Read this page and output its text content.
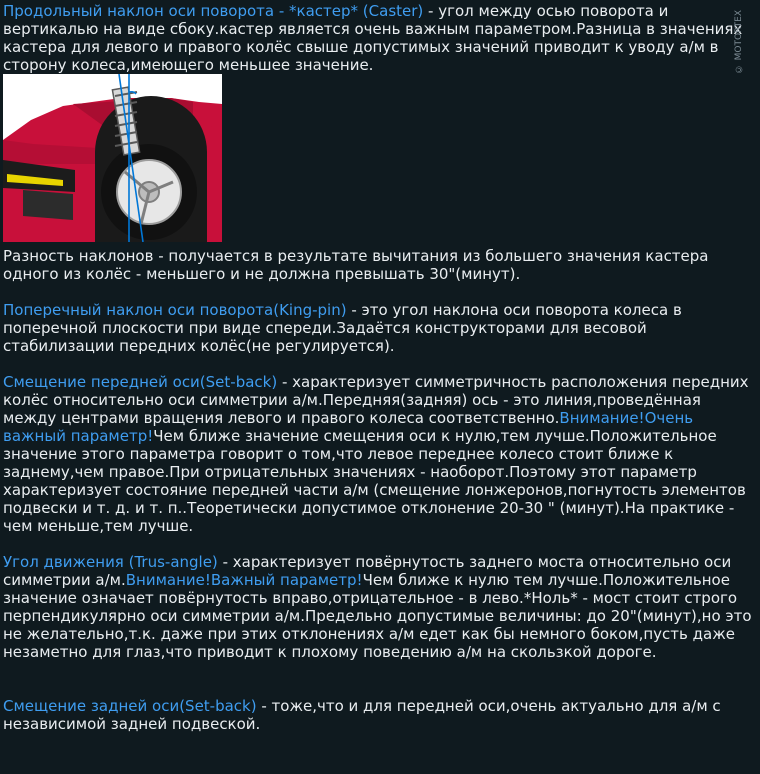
Продольный наклон оси поворота - *кастер* (Caster) - угол между осью поворота и вертикалью на виде сбоку.кастер является очень важным параметром.Разница в значениях кастера для левого и правого колёс свыше допустимых значений приводит к уводу а/м в сторону колеса,имеющего меньшее значение.

Разность наклонов - получается в результате вычитания из большего значения кастера одного из колёс - меньшего и не должна превышать 30"(минут).

Поперечный наклон оси поворота(King-pin) - это угол наклона оси поворота колеса в поперечной плоскости при виде спереди.Задаётся конструкторами для весовой стабилизации передних колёс(не регулируется).

Смещение передней оси(Set-back) - характеризует симметричность расположения передних колёс относительно оси симметрии а/м.Передняя(задняя) ось - это линия,проведённая между центрами вращения левого и правого колеса соответственно.Внимание!Очень важный параметр!Чем ближе значение смещения оси к нулю,тем лучше.Положительное значение этого параметра говорит о том,что левое переднее колесо стоит ближе к заднему,чем правое.При отрицательных значениях - наоборот.Поэтому этот параметр характеризует состояние передней части а/м (смещение лонжеронов,погнутость элементов подвески и т. д. и т. п..Теоретически допустимое отклонение 20-30 " (минут).На практике - чем меньше,тем лучше.

Угол движения (Trus-angle) - характеризует повёрнутость заднего моста относительно оси симметрии а/м.Внимание!Важный параметр!Чем ближе к нулю тем лучше.Положительное значение означает повёрнутость вправо,отрицательное - в лево.*Ноль* - мост стоит строго перпендикулярно оси симметрии а/м.Предельно допустимые величины: до 20"(минут),но это не желательно,т.к. даже при этих отклонениях а/м едет как бы немного боком,пусть даже незаметно для глаз,что приводит к плохому поведению а/м на скользкой дороге.

Смещение задней оси(Set-back) - тоже,что и для передней оси,очень актуально для а/м с независимой задней подвеской.

© MOTORTEX
